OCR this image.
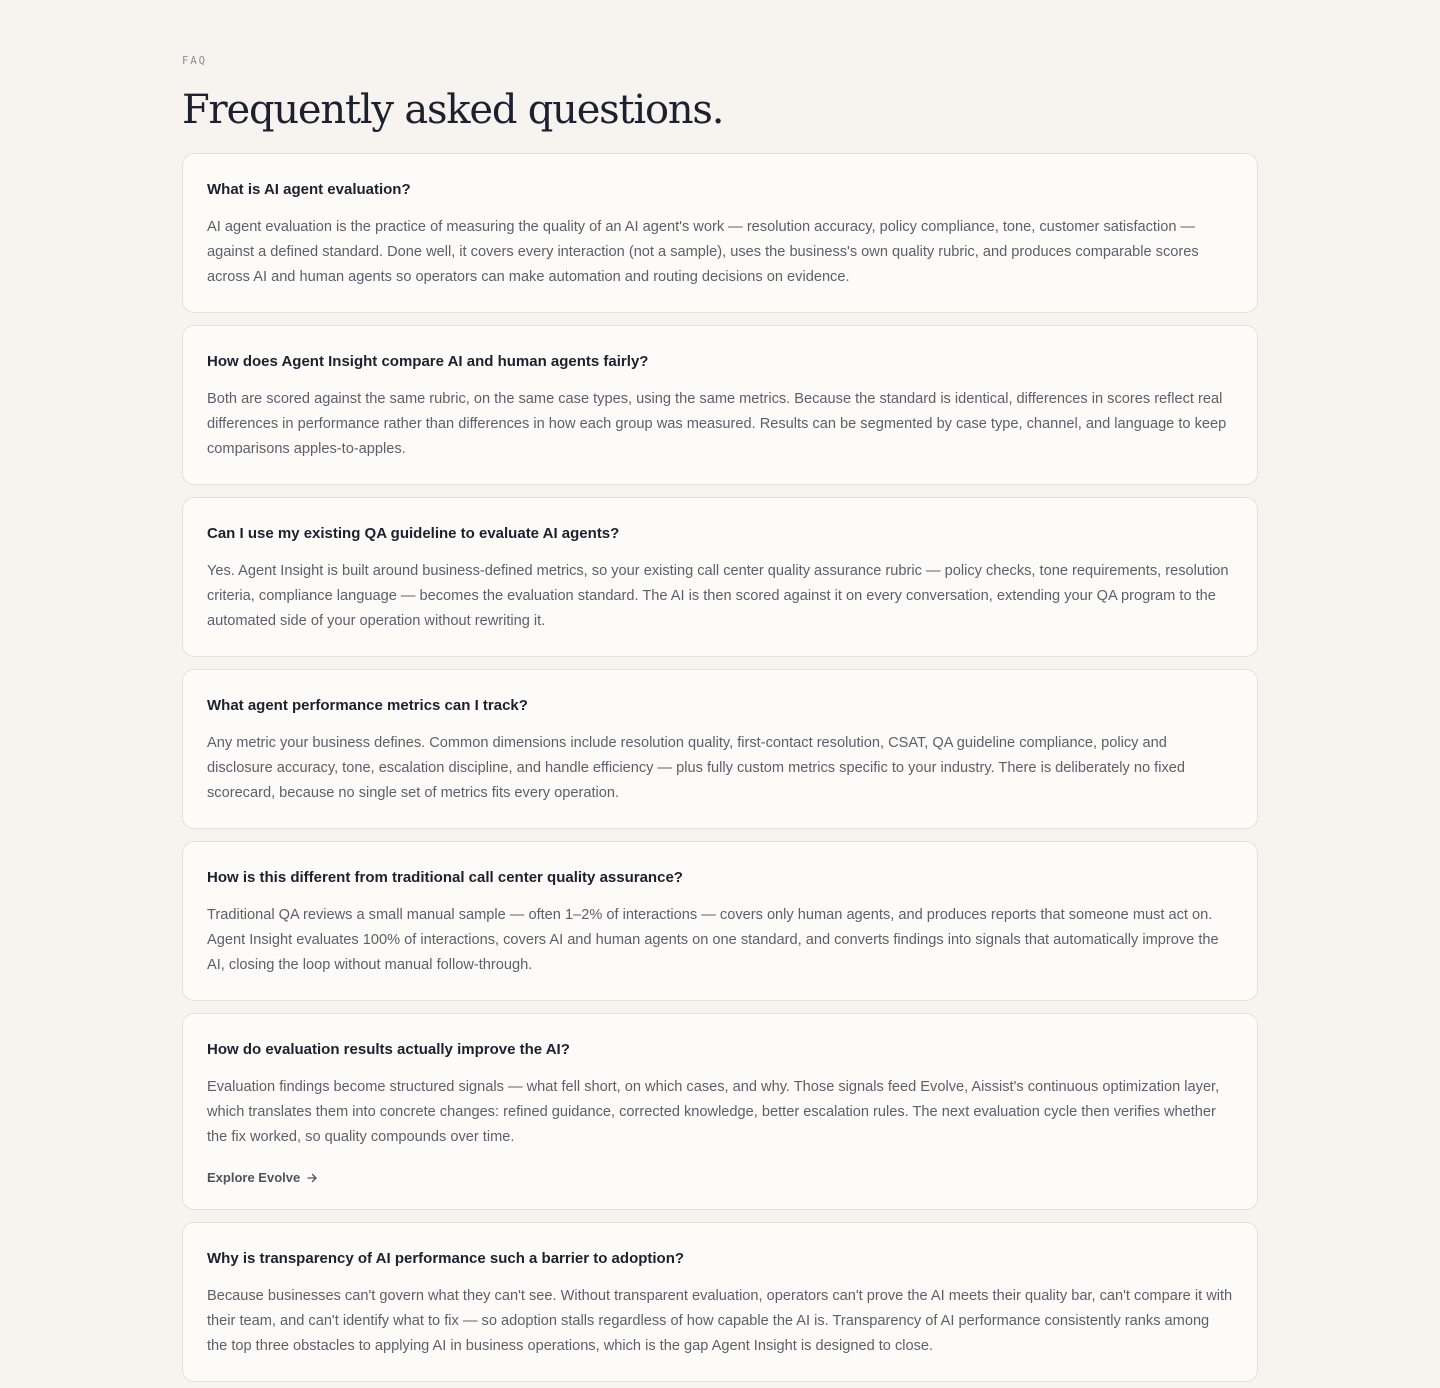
FAQ
Frequently asked questions.
What is AI agent evaluation?

AI agent evaluation is the practice of measuring the quality of an AI agent's work — resolution accuracy, policy compliance, tone, customer satisfaction — against a defined standard. Done well, it covers every interaction (not a sample), uses the business's own quality rubric, and produces comparable scores across AI and human agents so operators can make automation and routing decisions on evidence.

How does Agent Insight compare AI and human agents fairly?

Both are scored against the same rubric, on the same case types, using the same metrics. Because the standard is identical, differences in scores reflect real differences in performance rather than differences in how each group was measured. Results can be segmented by case type, channel, and language to keep comparisons apples-to-apples.

Can I use my existing QA guideline to evaluate AI agents?

Yes. Agent Insight is built around business-defined metrics, so your existing call center quality assurance rubric — policy checks, tone requirements, resolution criteria, compliance language — becomes the evaluation standard. The AI is then scored against it on every conversation, extending your QA program to the automated side of your operation without rewriting it.

What agent performance metrics can I track?

Any metric your business defines. Common dimensions include resolution quality, first-contact resolution, CSAT, QA guideline compliance, policy and disclosure accuracy, tone, escalation discipline, and handle efficiency — plus fully custom metrics specific to your industry. There is deliberately no fixed scorecard, because no single set of metrics fits every operation.

How is this different from traditional call center quality assurance?

Traditional QA reviews a small manual sample — often 1–2% of interactions — covers only human agents, and produces reports that someone must act on. Agent Insight evaluates 100% of interactions, covers AI and human agents on one standard, and converts findings into signals that automatically improve the AI, closing the loop without manual follow-through.

How do evaluation results actually improve the AI?

Evaluation findings become structured signals — what fell short, on which cases, and why. Those signals feed Evolve, Aissist's continuous optimization layer, which translates them into concrete changes: refined guidance, corrected knowledge, better escalation rules. The next evaluation cycle then verifies whether the fix worked, so quality compounds over time.

Explore Evolve
Why is transparency of AI performance such a barrier to adoption?

Because businesses can't govern what they can't see. Without transparent evaluation, operators can't prove the AI meets their quality bar, can't compare it with their team, and can't identify what to fix — so adoption stalls regardless of how capable the AI is. Transparency of AI performance consistently ranks among the top three obstacles to applying AI in business operations, which is the gap Agent Insight is designed to close.
